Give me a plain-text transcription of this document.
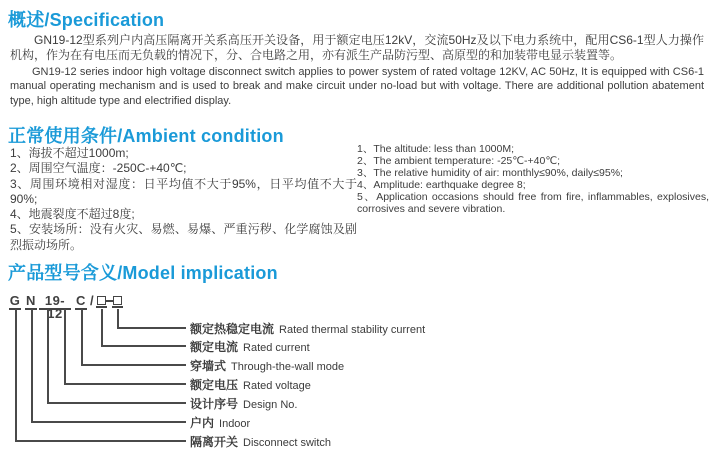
概述/Specification

GN19-12型系列户内高压隔离开关系高压开关设备，用于额定电压12kV，交流50Hz及以下电力系统中，配用CS6-1型人力操作机构，作为在有电压而无负载的情况下，分、合电路之用，亦有派生产品防污型、高原型的和加装带电显示装置等。

GN19-12 series indoor high voltage disconnect switch applies to power system of rated voltage 12KV, AC 50Hz, It is equipped with CS6-1 manual operating mechanism and is used to break and make circuit under no-load but with voltage. There are additional pollution abatement type, high altitude type and electrified display.

正常使用条件/Ambient condition
1、海拔不超过1000m;
2、周围空气温度：-250C-+40℃;
3、周围环境相对湿度：日平均值不大于95%，日平均值不大于90%;
4、地震裂度不超过8度;
5、安装场所：没有火灾、易燃、易爆、严重污秽、化学腐蚀及剧烈振动场所。
1、The altitude: less than 1000M;
2、The ambient temperature: -25℃-+40℃;
3、The relative humidity of air: monthly≤90%, daily≤95%;
4、Amplitude: earthquake degree 8;
5、Application occasions should free from fire, inflammables, explosives, corrosives and severe vibration.
产品型号含义/Model implication
G N 19-12
C /
额定热稳定电流 Rated thermal stability current
额定电流 Rated current
穿墙式 Through-the-wall mode
额定电压 Rated voltage
设计序号 Design No.
户内 Indoor
隔离开关 Disconnect switch
